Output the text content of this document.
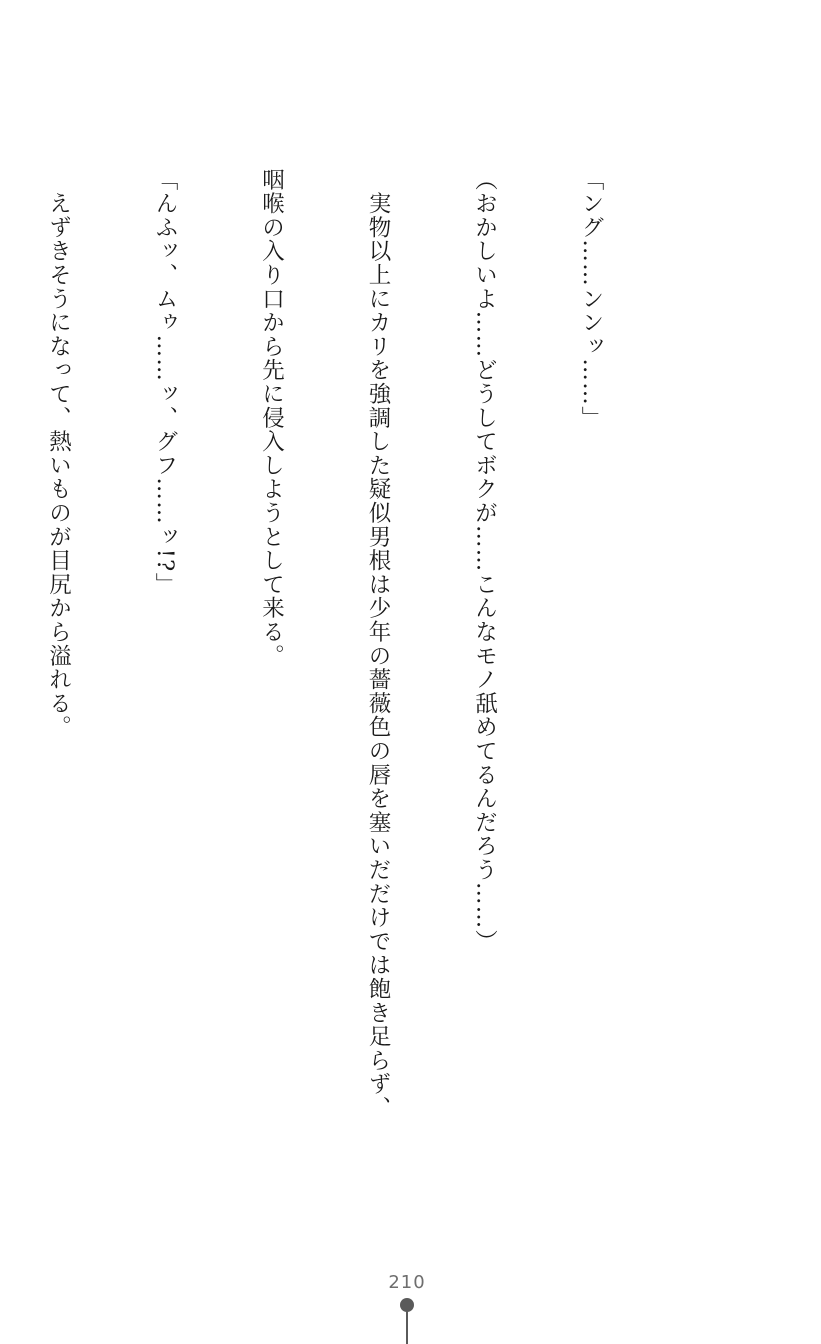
「ング……ンンッ……」

（おかしいよ……どうしてボクが……こんなモノ舐めてるんだろう……）

　実物以上にカリを強調した疑似男根は少年の薔薇色の唇を塞いだだけでは飽き足らず、

咽喉の入り口から先に侵入しようとして来る。

「んふッ、ムゥ……ッ、グフ……ッ!?」

　えずきそうになって、熱いものが目尻から溢れる。

210
